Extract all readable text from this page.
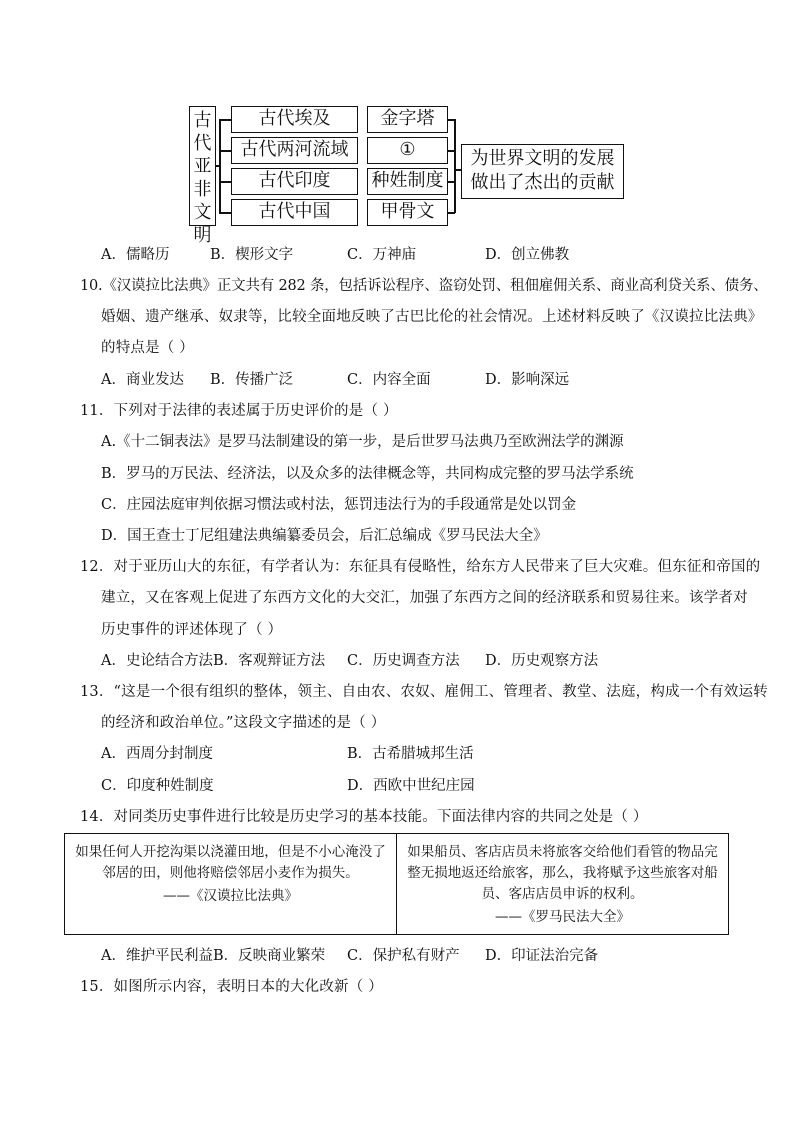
古
代
亚
非
文
明
古代埃及
古代两河流域
古代印度
古代中国
金字塔
①
种姓制度
甲骨文
为世界文明的发展
做出了杰出的贡献
A．儒略历	B．楔形文字	C．万神庙	D．创立佛教
10.《汉谟拉比法典》正文共有 282 条，包括诉讼程序、盗窃处罚、租佃雇佣关系、商业高利贷关系、债务、
婚姻、遗产继承、奴隶等，比较全面地反映了古巴比伦的社会情况。上述材料反映了《汉谟拉比法典》
的特点是（ ）
A．商业发达 B．传播广泛	C．内容全面	D．影响深远
11．下列对于法律的表述属于历史评价的是（ ）
A.《十二铜表法》是罗马法制建设的第一步，是后世罗马法典乃至欧洲法学的渊源
B．罗马的万民法、经济法，以及众多的法律概念等，共同构成完整的罗马法学系统
C．庄园法庭审判依据习惯法或村法，惩罚违法行为的手段通常是处以罚金
D．国王查士丁尼组建法典编纂委员会，后汇总编成《罗马民法大全》
12．对于亚历山大的东征，有学者认为：东征具有侵略性，给东方人民带来了巨大灾难。但东征和帝国的
建立，又在客观上促进了东西方文化的大交汇，加强了东西方之间的经济联系和贸易往来。该学者对
历史事件的评述体现了（ ）
A．史论结合方法B．客观辩证方法 C．历史调查方法 D．历史观察方法
13．“这是一个很有组织的整体，领主、自由农、农奴、雇佣工、管理者、教堂、法庭，构成一个有效运转
的经济和政治单位。”这段文字描述的是（ ）
A．西周分封制度	B．古希腊城邦生活
C．印度种姓制度	D．西欧中世纪庄园
14．对同类历史事件进行比较是历史学习的基本技能。下面法律内容的共同之处是（ ）
如果任何人开挖沟渠以浇灌田地，但是不小心淹没了邻居的田，则他将赔偿邻居小麦作为损失。
——《汉谟拉比法典》
	如果船员、客店店员未将旅客交给他们看管的物品完整无损地返还给旅客，那么，我将赋予这些旅客对船员、客店店员申诉的权利。
——《罗马民法大全》
A．维护平民利益B．反映商业繁荣 C．保护私有财产 D．印证法治完备
15．如图所示内容，表明日本的大化改新（ ）
